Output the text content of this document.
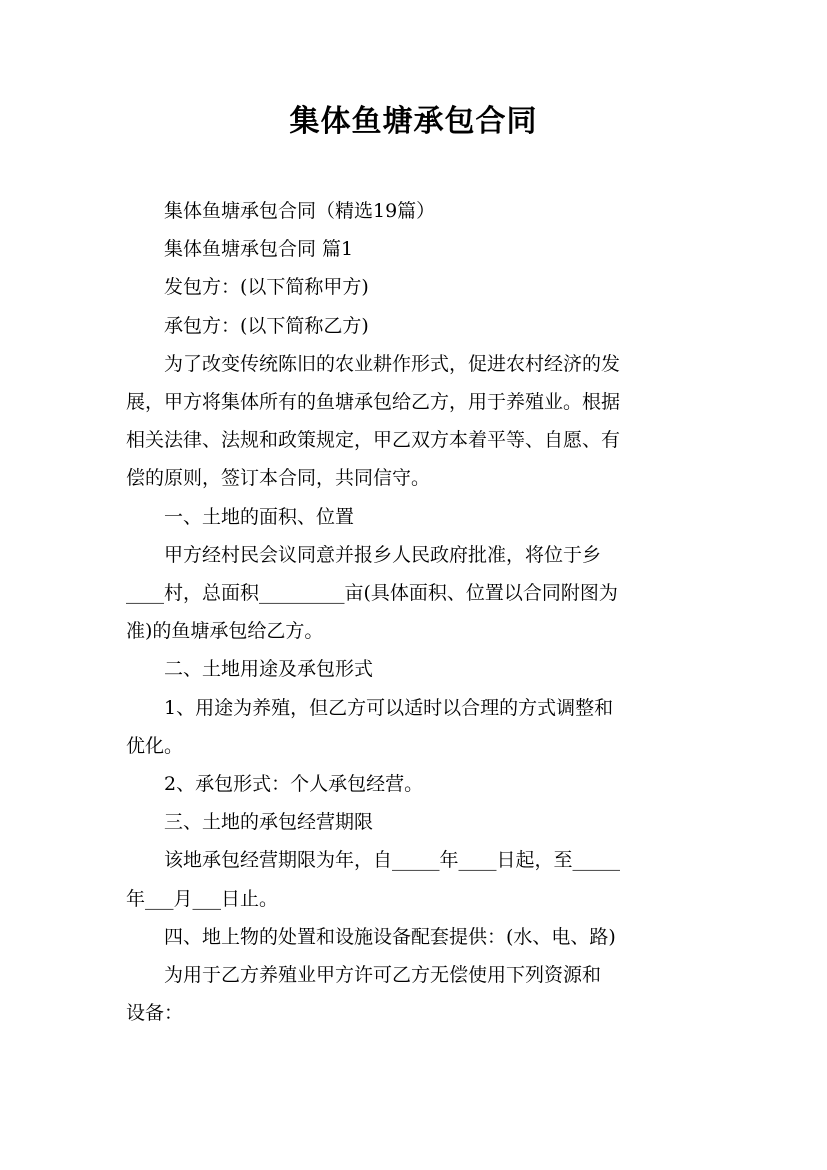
集体鱼塘承包合同
集体鱼塘承包合同（精选19篇）
集体鱼塘承包合同 篇1
发包方：(以下简称甲方)
承包方：(以下简称乙方)
为了改变传统陈旧的农业耕作形式，促进农村经济的发
展，甲方将集体所有的鱼塘承包给乙方，用于养殖业。根据
相关法律、法规和政策规定，甲乙双方本着平等、自愿、有
偿的原则，签订本合同，共同信守。
一、土地的面积、位置
甲方经村民会议同意并报乡人民政府批准，将位于乡
____村，总面积_________亩(具体面积、位置以合同附图为
准)的鱼塘承包给乙方。
二、土地用途及承包形式
1、用途为养殖，但乙方可以适时以合理的方式调整和
优化。
2、承包形式：个人承包经营。
三、土地的承包经营期限
该地承包经营期限为年，自_____年____日起，至_____
年___月___日止。
四、地上物的处置和设施设备配套提供：(水、电、路)
为用于乙方养殖业甲方许可乙方无偿使用下列资源和
设备：
